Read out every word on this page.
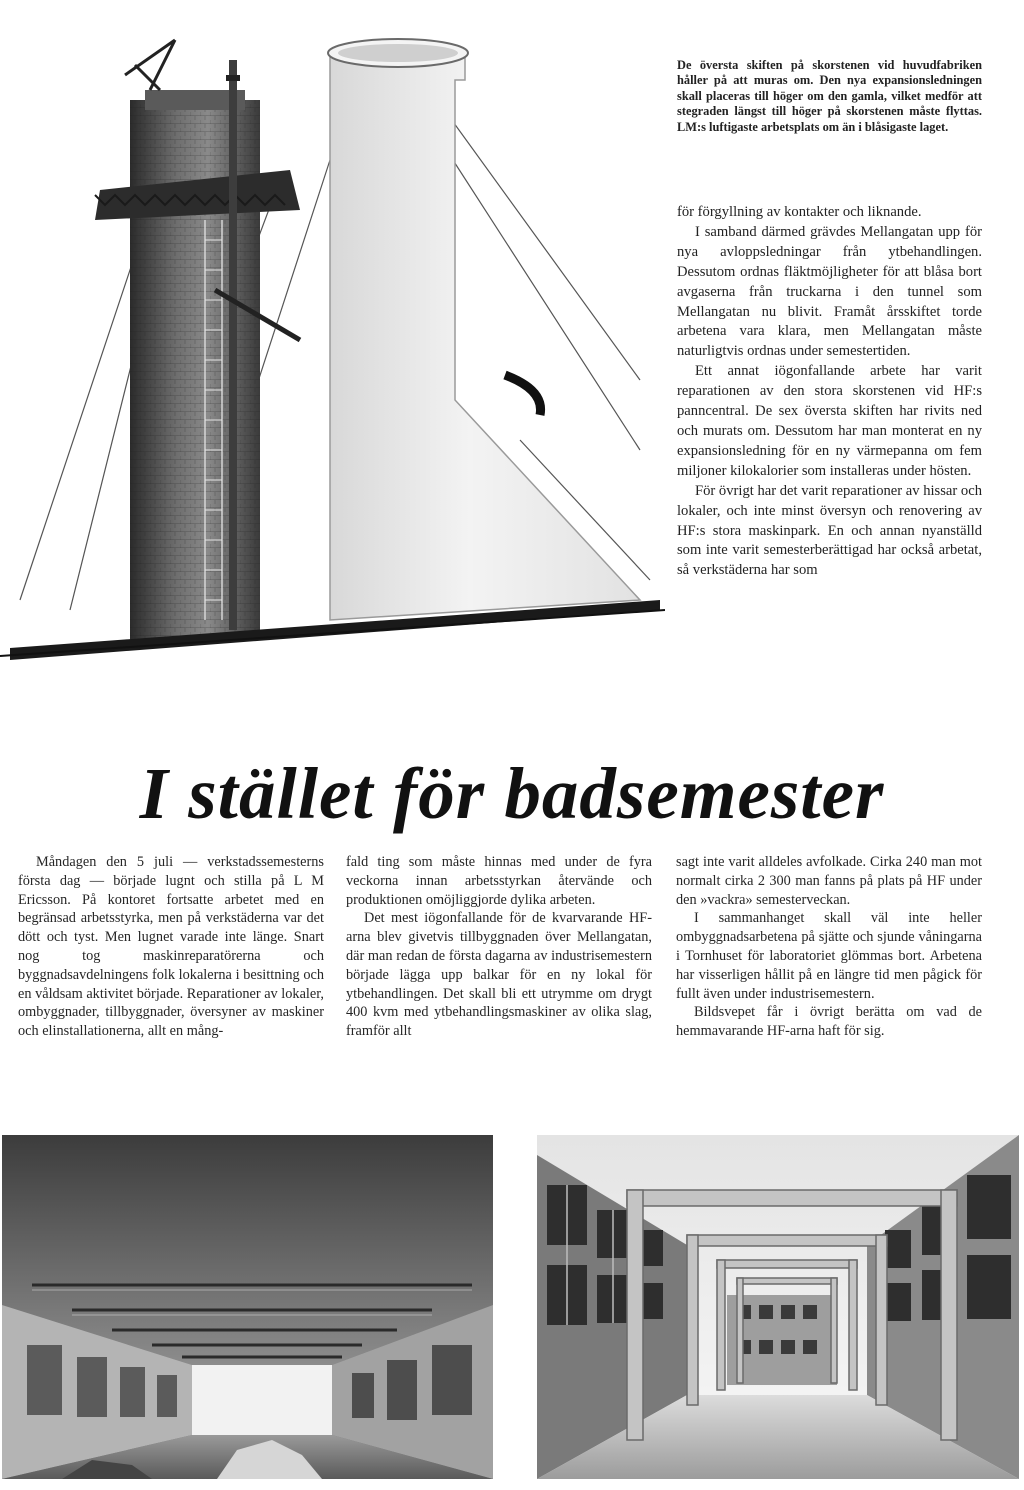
De översta skiften på skorstenen vid huvudfabriken håller på att muras om. Den nya expansionsledningen skall placeras till höger om den gamla, vilket medför att stegraden längst till höger på skorstenen måste flyttas. LM:s luftigaste arbetsplats om än i blåsigaste laget.

för förgyllning av kontakter och liknande.

I samband därmed grävdes Mellangatan upp för nya avloppsledningar från ytbehandlingen. Dessutom ordnas fläktmöjligheter för att blåsa bort avgaserna från truckarna i den tunnel som Mellangatan nu blivit. Framåt årsskiftet torde arbetena vara klara, men Mellangatan måste naturligtvis ordnas under semestertiden.

Ett annat iögonfallande arbete har varit reparationen av den stora skorstenen vid HF:s panncentral. De sex översta skiften har rivits ned och murats om. Dessutom har man monterat en ny expansionsledning för en ny värmepanna om fem miljoner kilokalorier som installeras under hösten.

För övrigt har det varit reparationer av hissar och lokaler, och inte minst översyn och renovering av HF:s stora maskinpark. En och annan nyanställd som inte varit semesterberättigad har också arbetat, så verkstäderna har som

I stället för badsemester

Måndagen den 5 juli — verkstadssemesterns första dag — började lugnt och stilla på L M Ericsson. På kontoret fortsatte arbetet med en begränsad arbetsstyrka, men på verkstäderna var det dött och tyst. Men lugnet varade inte länge. Snart nog tog maskinreparatörerna och byggnadsavdelningens folk lokalerna i besittning och en våldsam aktivitet började. Reparationer av lokaler, ombyggnader, tillbyggnader, översyner av maskiner och elinstallationerna, allt en mång-

fald ting som måste hinnas med under de fyra veckorna innan arbetsstyrkan återvände och produktionen omöjliggjorde dylika arbeten.

Det mest iögonfallande för de kvarvarande HF-arna blev givetvis tillbyggnaden över Mellangatan, där man redan de första dagarna av industrisemestern började lägga upp balkar för en ny lokal för ytbehandlingen. Det skall bli ett utrymme om drygt 400 kvm med ytbehandlingsmaskiner av olika slag, framför allt

sagt inte varit alldeles avfolkade. Cirka 240 man mot normalt cirka 2 300 man fanns på plats på HF under den »vackra» semesterveckan.

I sammanhanget skall väl inte heller ombyggnadsarbetena på sjätte och sjunde våningarna i Tornhuset för laboratoriet glömmas bort. Arbetena har visserligen hållit på en längre tid men pågick för fullt även under industrisemestern.

Bildsvepet får i övrigt berätta om vad de hemmavarande HF-arna haft för sig.
